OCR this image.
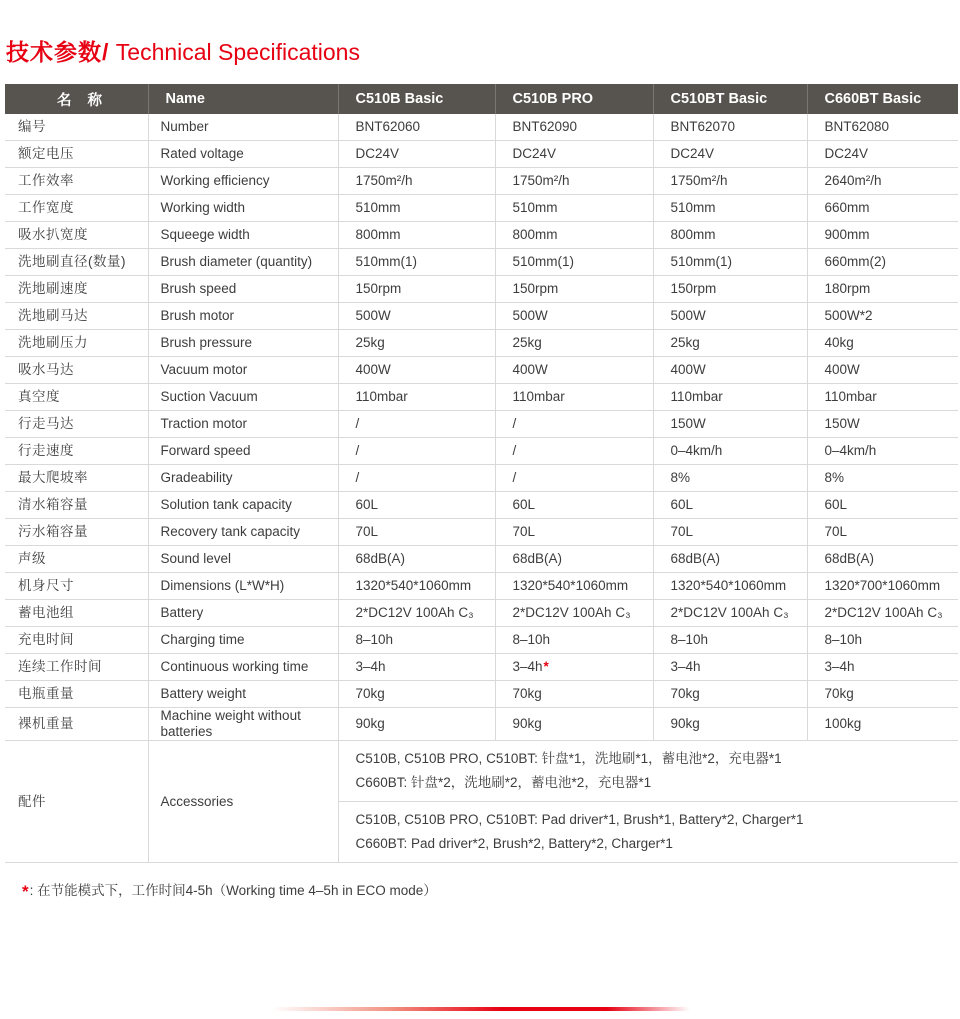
技术参数/ Technical Specifications
名 称	Name	C510B Basic	C510B PRO	C510BT Basic	C660BT Basic
编号	Number	BNT62060	BNT62090	BNT62070	BNT62080
额定电压	Rated voltage	DC24V	DC24V	DC24V	DC24V
工作效率	Working efficiency	1750m²/h	1750m²/h	1750m²/h	2640m²/h
工作宽度	Working width	510mm	510mm	510mm	660mm
吸水扒宽度	Squeege width	800mm	800mm	800mm	900mm
洗地刷直径(数量)	Brush diameter (quantity)	510mm(1)	510mm(1)	510mm(1)	660mm(2)
洗地刷速度	Brush speed	150rpm	150rpm	150rpm	180rpm
洗地刷马达	Brush motor	500W	500W	500W	500W*2
洗地刷压力	Brush pressure	25kg	25kg	25kg	40kg
吸水马达	Vacuum motor	400W	400W	400W	400W
真空度	Suction Vacuum	110mbar	110mbar	110mbar	110mbar
行走马达	Traction motor	/	/	150W	150W
行走速度	Forward speed	/	/	0–4km/h	0–4km/h
最大爬坡率	Gradeability	/	/	8%	8%
清水箱容量	Solution tank capacity	60L	60L	60L	60L
污水箱容量	Recovery tank capacity	70L	70L	70L	70L
声级	Sound level	68dB(A)	68dB(A)	68dB(A)	68dB(A)
机身尺寸	Dimensions (L*W*H)	1320*540*1060mm	1320*540*1060mm	1320*540*1060mm	1320*700*1060mm
蓄电池组	Battery	2*DC12V 100Ah C₃	2*DC12V 100Ah C₃	2*DC12V 100Ah C₃	2*DC12V 100Ah C₃
充电时间	Charging time	8–10h	8–10h	8–10h	8–10h
连续工作时间	Continuous working time	3–4h	3–4h*	3–4h	3–4h
电瓶重量	Battery weight	70kg	70kg	70kg	70kg
裸机重量	Machine weight without batteries	90kg	90kg	90kg	100kg
配件	Accessories	C510B, C510B PRO, C510BT: 针盘*1，洗地刷*1，蓄电池*2，充电器*1
C660BT: 针盘*2，洗地刷*2，蓄电池*2，充电器*1			

		C510B, C510B PRO, C510BT: Pad driver*1, Brush*1, Battery*2, Charger*1
C660BT: Pad driver*2, Brush*2, Battery*2, Charger*1			
*: 在节能模式下，工作时间4-5h（Working time 4–5h in ECO mode）
